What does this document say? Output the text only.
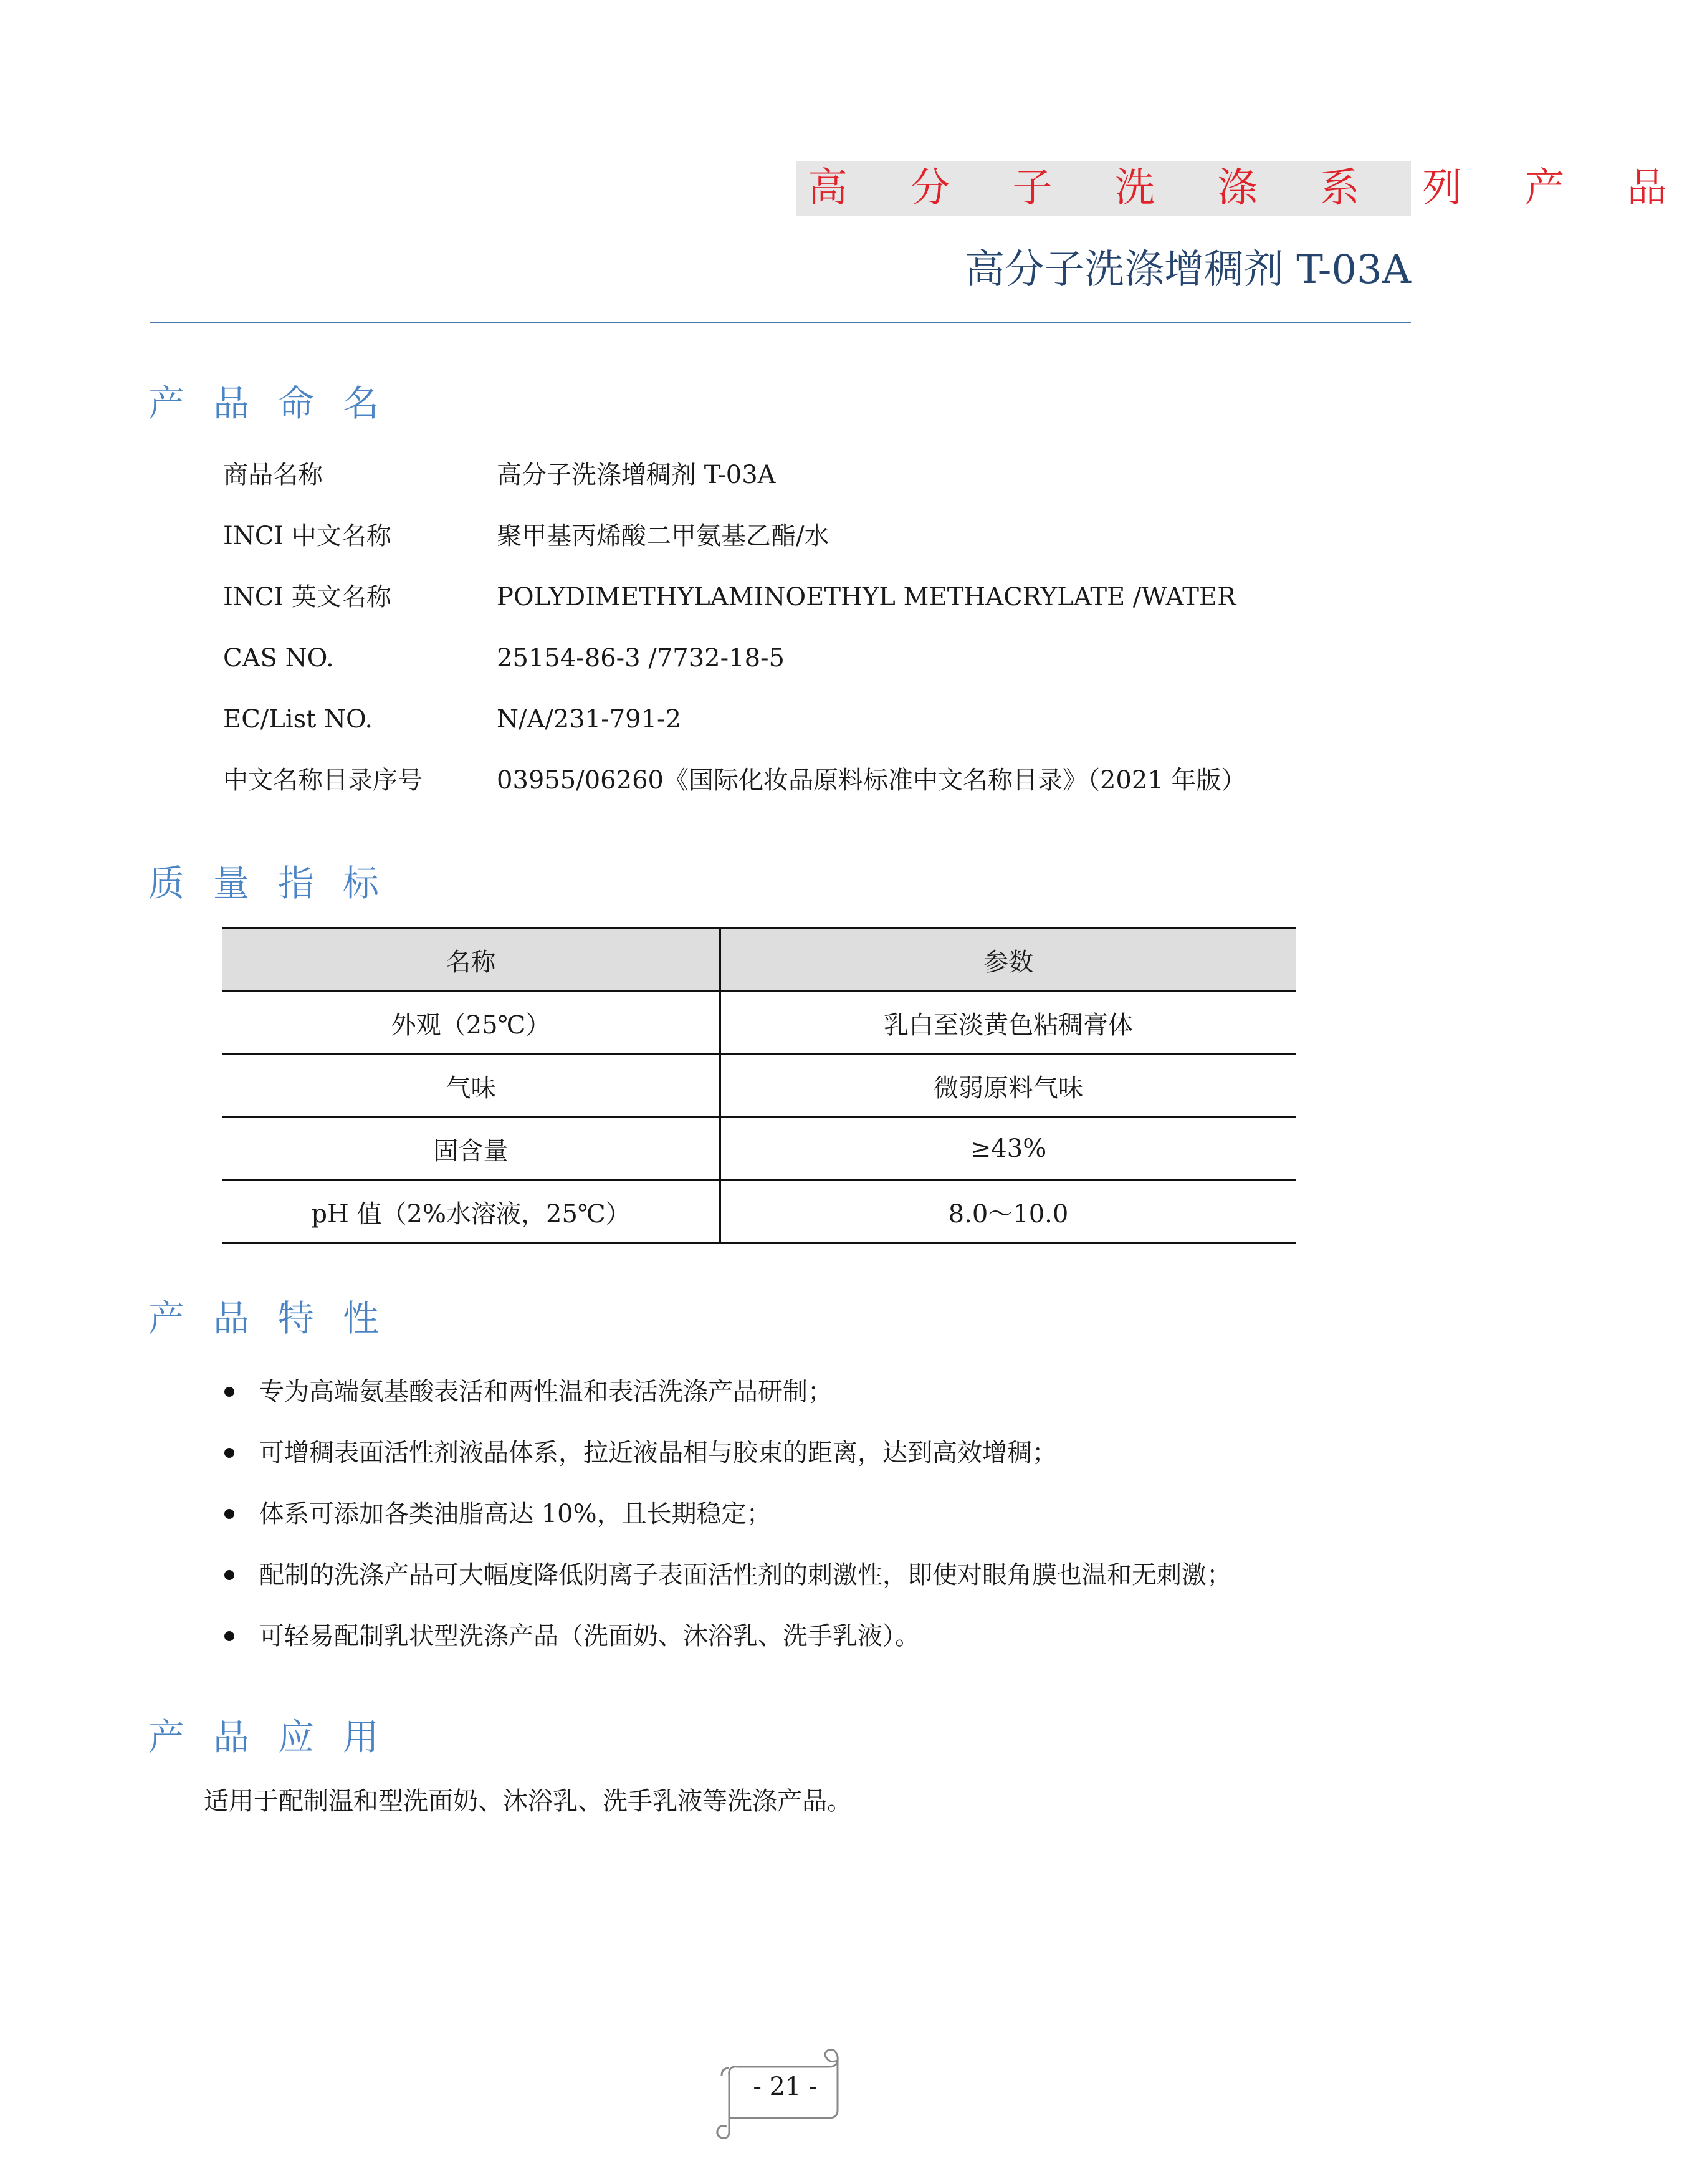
高 分 子 洗 涤 系 列 产 品
高分子洗涤增稠剂 T-03A
产品命名
商品名称	高分子洗涤增稠剂 T-03A
INCI 中文名称	聚甲基丙烯酸二甲氨基乙酯/水
INCI 英文名称	POLYDIMETHYLAMINOETHYL METHACRYLATE /WATER
CAS NO.	25154-86-3 /7732-18-5
EC/List NO.	N/A/231-791-2
中文名称目录序号	03955/06260《国际化妆品原料标准中文名称目录》（2021 年版）
质量指标
名称	参数
外观（25℃）	乳白至淡黄色粘稠膏体
气味	微弱原料气味
固含量	≥43%
pH 值（2%水溶液，25℃）	8.0～10.0
产品特性
专为高端氨基酸表活和两性温和表活洗涤产品研制；
可增稠表面活性剂液晶体系，拉近液晶相与胶束的距离，达到高效增稠；
体系可添加各类油脂高达 10%，且长期稳定；
配制的洗涤产品可大幅度降低阴离子表面活性剂的刺激性，即使对眼角膜也温和无刺激；
可轻易配制乳状型洗涤产品（洗面奶、沐浴乳、洗手乳液）。
产品应用
适用于配制温和型洗面奶、沐浴乳、洗手乳液等洗涤产品。
- 21 -
